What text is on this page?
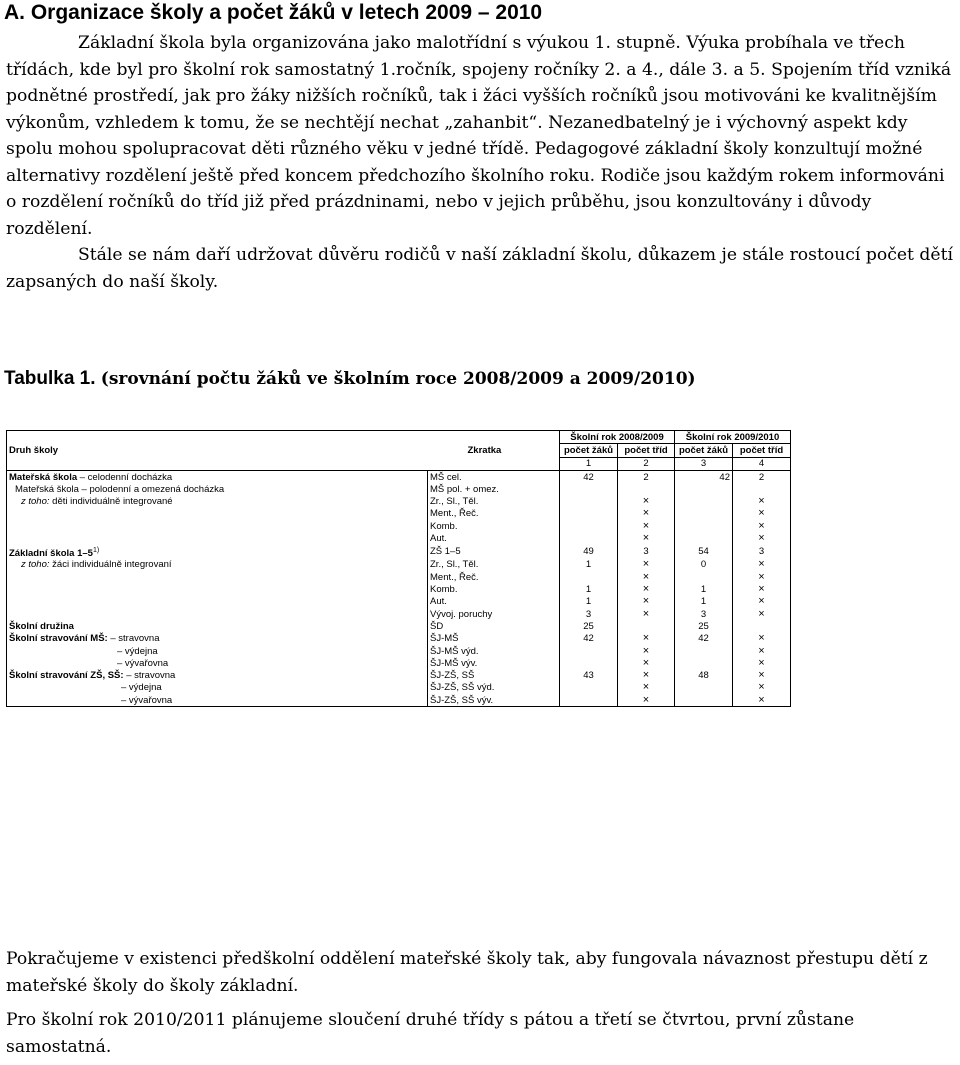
A. Organizace školy a počet žáků v letech 2009 – 2010

Základní škola byla organizována jako malotřídní s výukou 1. stupně. Výuka probíhala ve třech třídách, kde byl pro školní rok samostatný 1.ročník, spojeny ročníky 2. a 4., dále 3. a 5. Spojením tříd vzniká podnětné prostředí, jak pro žáky nižších ročníků, tak i žáci vyšších ročníků jsou motivováni ke kvalitnějším výkonům, vzhledem k tomu, že se nechtějí nechat „zahanbit“. Nezanedbatelný je i výchovný aspekt kdy spolu mohou spolupracovat děti různého věku v jedné třídě. Pedagogové základní školy konzultují možné alternativy rozdělení ještě před koncem předchozího školního roku. Rodiče jsou každým rokem informováni o rozdělení ročníků do tříd již před prázdninami, nebo v jejich průběhu, jsou konzultovány i důvody rozdělení.

Stále se nám daří udržovat důvěru rodičů v naší základní školu, důkazem je stále rostoucí počet dětí zapsaných do naší školy.

Tabulka 1. (srovnání počtu žáků ve školním roce 2008/2009 a 2009/2010)
		Školní rok 2008/2009		Školní rok 2009/2010	
Druh školy	Zkratka	počet žáků	počet tříd	počet žáků	počet tříd
		1	2	3	4
Mateřská škola – celodenní docházka	MŠ cel.	42	2	42	2
Mateřská škola – polodenní a omezená docházka	MŠ pol. + omez.				
z toho: děti individuálně integrované	Zr., Sl., Těl.		×		×
	Ment., Řeč.		×		×
	Komb.		×		×
	Aut.		×		×
Základní škola 1–5$^{1)}$	ZŠ 1–5	49	3	54	3
z toho: žáci individuálně integrovaní	Zr., Sl., Těl.	1	×	0	×
	Ment., Řeč.		×		×
	Komb.	1	×	1	×
	Aut.	1	×	1	×
	Vývoj. poruchy	3	×	3	×
Školní družina	ŠD	25		25	
Školní stravování MŠ: – stravovna	ŠJ-MŠ	42	×	42	×
– výdejna	ŠJ-MŠ výd.		×		×
– vývařovna	ŠJ-MŠ výv.		×		×
Školní stravování ZŠ, SŠ: – stravovna	ŠJ-ZŠ, SŠ	43	×	48	×
– výdejna	ŠJ-ZŠ, SŠ výd.		×		×
– vývařovna	ŠJ-ZŠ, SŠ výv.		×		×

Pokračujeme v existenci předškolní oddělení mateřské školy tak, aby fungovala návaznost přestupu dětí z mateřské školy do školy základní.

Pro školní rok 2010/2011 plánujeme sloučení druhé třídy s pátou a třetí se čtvrtou, první zůstane samostatná.
